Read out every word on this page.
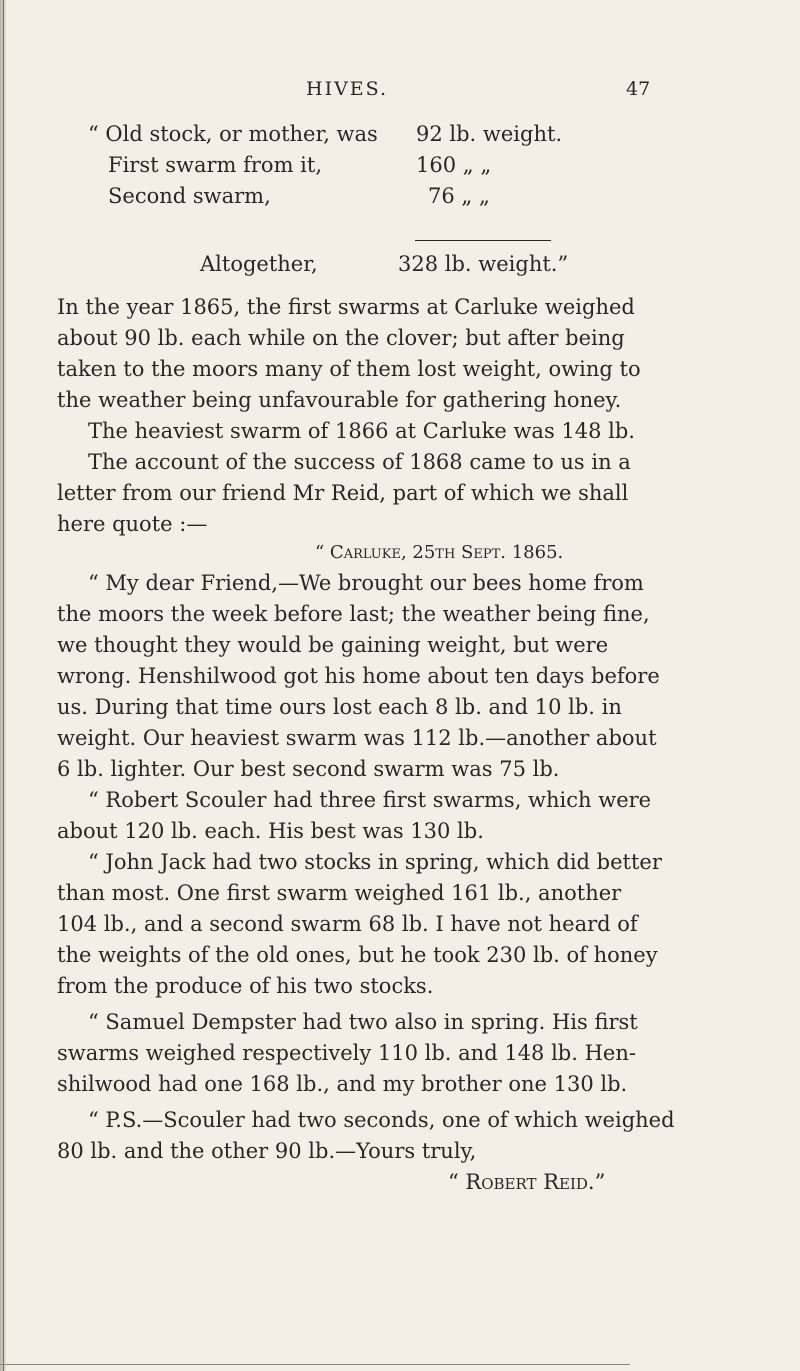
HIVES.	47
“ Old stock, or mother, was 92 lb. weight.
First swarm from it,	160 „ „
Second swarm,	76 „ „
Altogether,	328 lb. weight.”
In the year 1865, the first swarms at Carluke weighed
about 90 lb. each while on the clover; but after being
taken to the moors many of them lost weight, owing to
the weather being unfavourable for gathering honey.
The heaviest swarm of 1866 at Carluke was 148 lb.
The account of the success of 1868 came to us in a
letter from our friend Mr Reid, part of which we shall
here quote :—
“ Carluke, 25th Sept. 1865.
“ My dear Friend,—We brought our bees home from
the moors the week before last; the weather being fine,
we thought they would be gaining weight, but were
wrong. Henshilwood got his home about ten days before
us. During that time ours lost each 8 lb. and 10 lb. in
weight. Our heaviest swarm was 112 lb.—another about
6 lb. lighter. Our best second swarm was 75 lb.
“ Robert Scouler had three first swarms, which were
about 120 lb. each. His best was 130 lb.
“ John Jack had two stocks in spring, which did better
than most. One first swarm weighed 161 lb., another
104 lb., and a second swarm 68 lb. I have not heard of
the weights of the old ones, but he took 230 lb. of honey
from the produce of his two stocks.
“ Samuel Dempster had two also in spring. His first
swarms weighed respectively 110 lb. and 148 lb. Hen-
shilwood had one 168 lb., and my brother one 130 lb.
“ P.S.—Scouler had two seconds, one of which weighed
80 lb. and the other 90 lb.—Yours truly,
“ Robert Reid.”
